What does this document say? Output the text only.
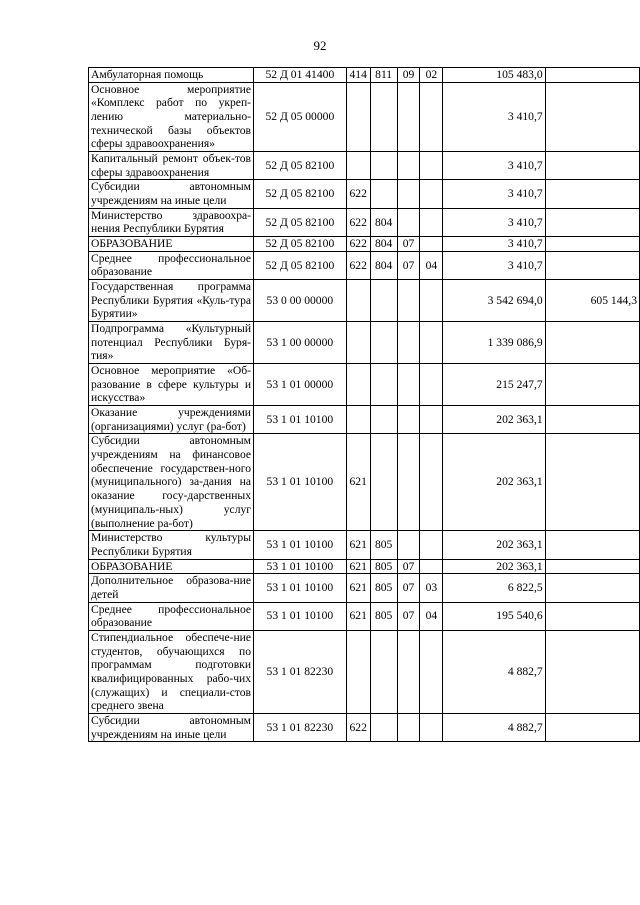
92
Амбулаторная помощь	52 Д 01 41400	414	811	09	02	105 483,0	
Основное мероприятие «Комплекс работ по укреп-лению материально-технической базы объектов сферы здравоохранения»	52 Д 05 00000					3 410,7	
Капитальный ремонт объек-тов сферы здравоохранения	52 Д 05 82100					3 410,7	
Субсидии автономным учреждениям на иные цели	52 Д 05 82100	622				3 410,7	
Министерство здравоохра-нения Республики Бурятия	52 Д 05 82100	622	804			3 410,7	
ОБРАЗОВАНИЕ	52 Д 05 82100	622	804	07		3 410,7	
Среднее профессиональное образование	52 Д 05 82100	622	804	07	04	3 410,7	
Государственная программа Республики Бурятия «Куль-тура Бурятии»	53 0 00 00000					3 542 694,0	605 144,3
Подпрограмма «Культурный потенциал Республики Буря-тия»	53 1 00 00000					1 339 086,9	
Основное мероприятие «Об-разование в сфере культуры и искусства»	53 1 01 00000					215 247,7	
Оказание учреждениями (организациями) услуг (ра-бот)	53 1 01 10100					202 363,1	
Субсидии автономным учреждениям на финансовое обеспечение государствен-ного (муниципального) за-дания на оказание госу-дарственных (муниципаль-ных) услуг (выполнение ра-бот)	53 1 01 10100	621				202 363,1	
Министерство культуры Республики Бурятия	53 1 01 10100	621	805			202 363,1	
ОБРАЗОВАНИЕ	53 1 01 10100	621	805	07		202 363,1	
Дополнительное образова-ние детей	53 1 01 10100	621	805	07	03	6 822,5	
Среднее профессиональное образование	53 1 01 10100	621	805	07	04	195 540,6	
Стипендиальное обеспече-ние студентов, обучающихся по программам подготовки квалифицированных рабо-чих (служащих) и специали-стов среднего звена	53 1 01 82230					4 882,7	
Субсидии автономным учреждениям на иные цели	53 1 01 82230	622				4 882,7	
